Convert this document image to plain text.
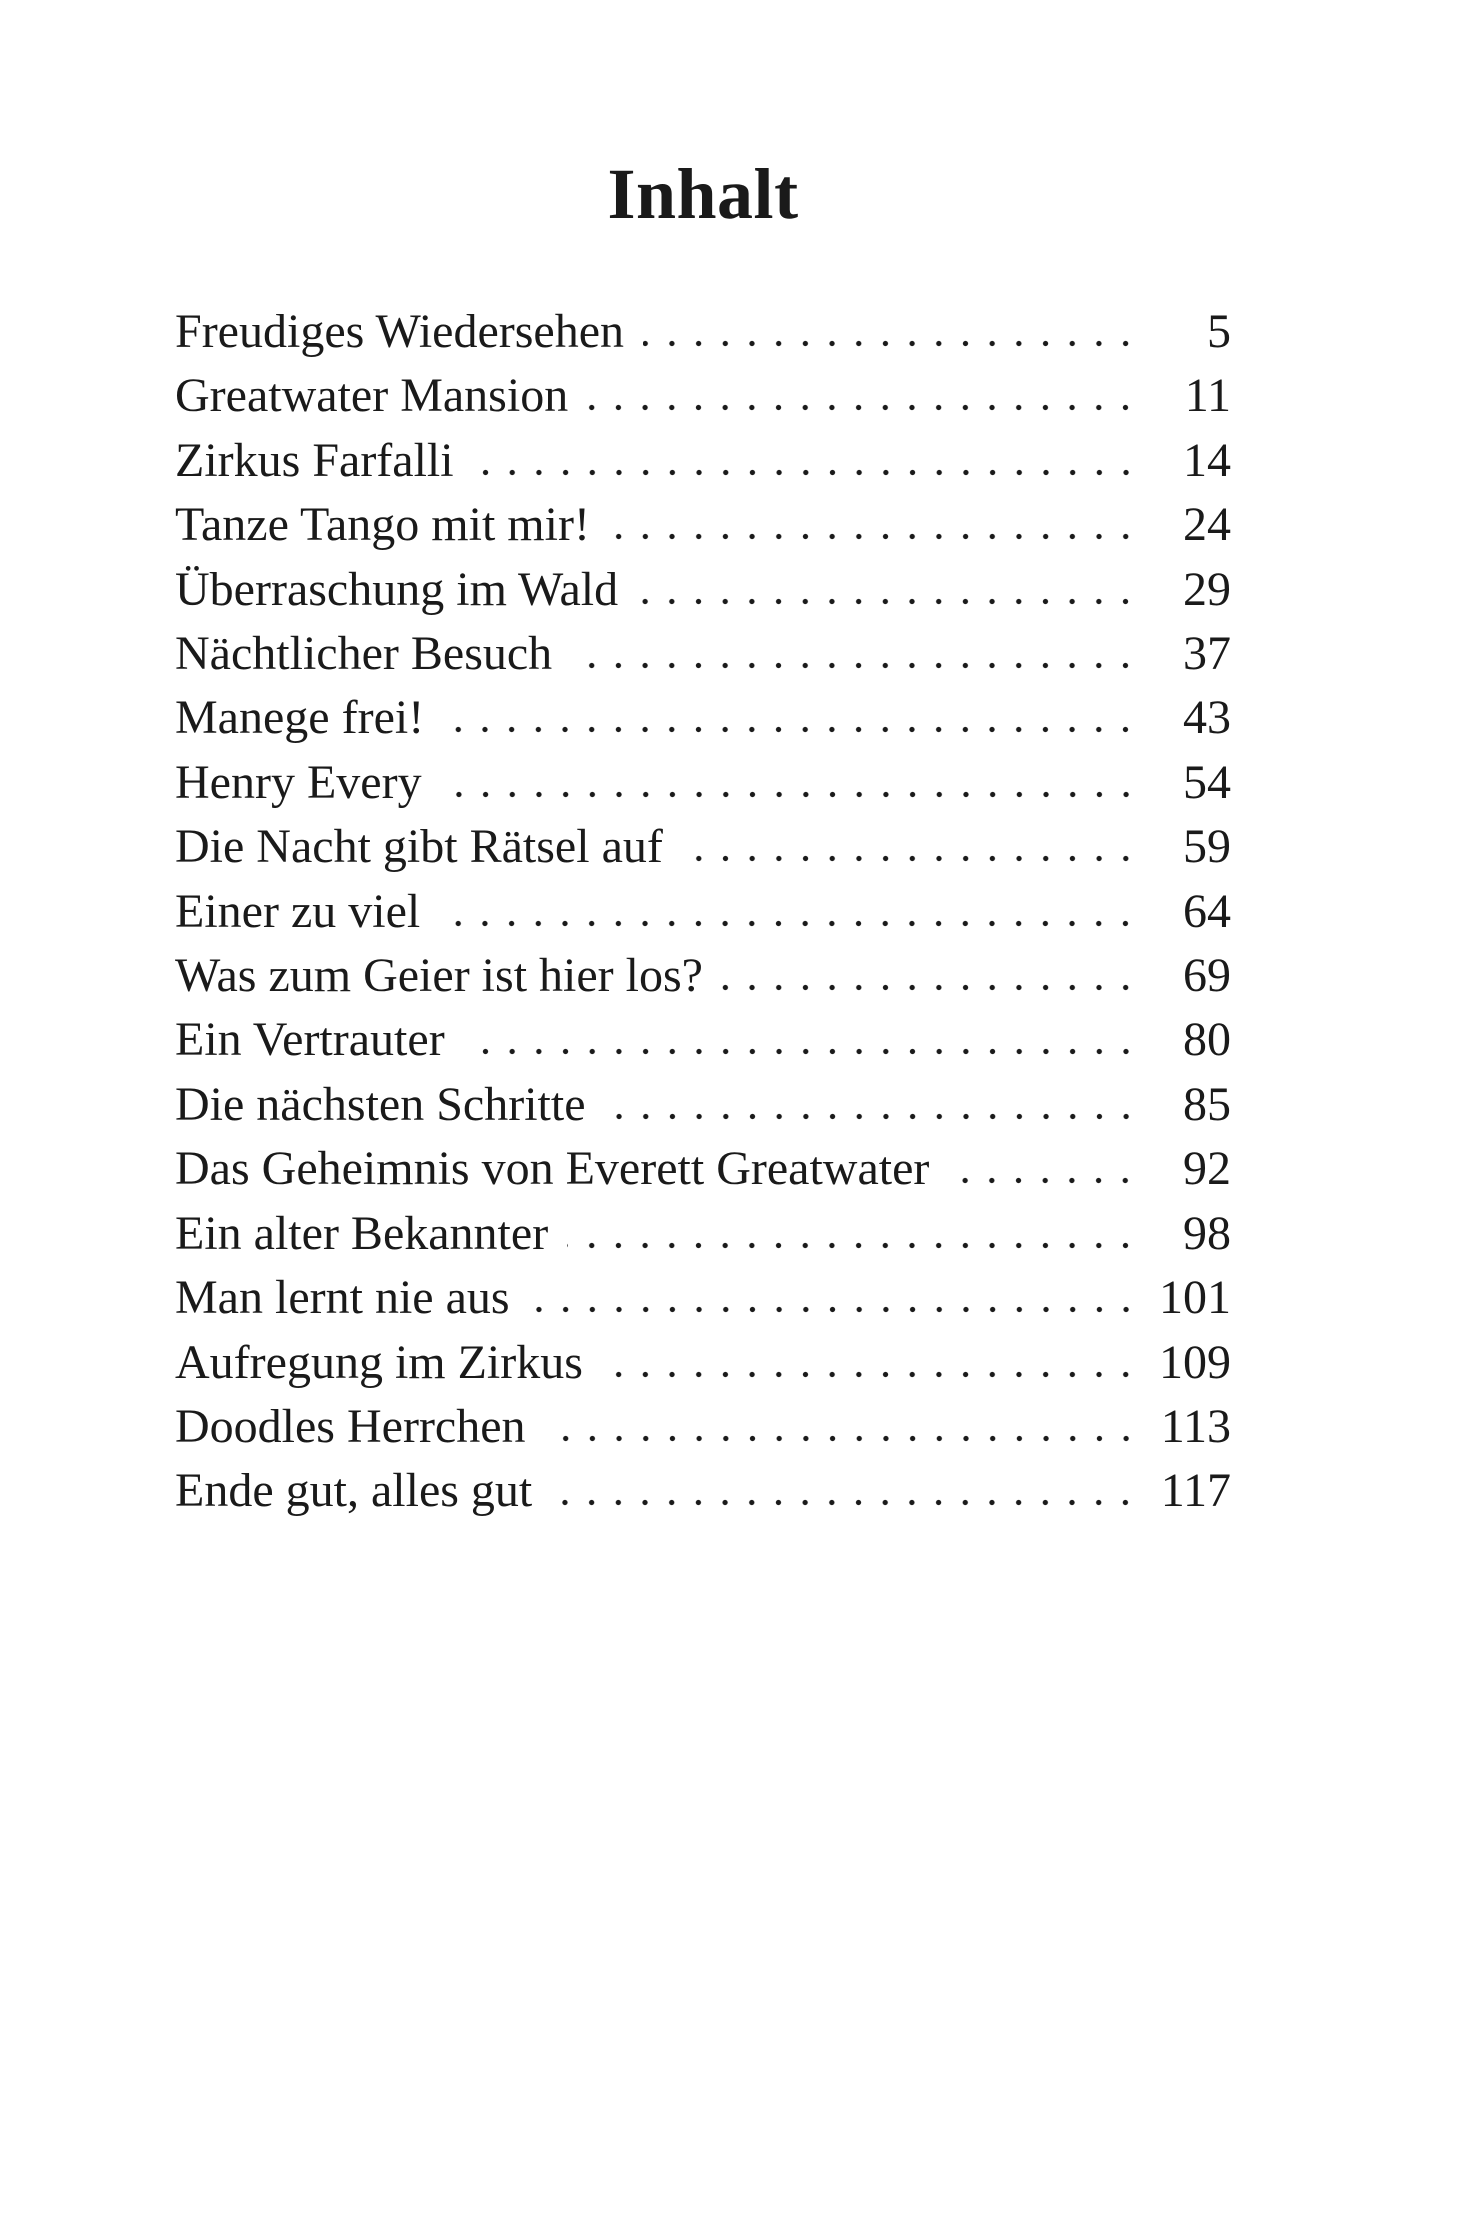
Inhalt
Freudiges Wiedersehen	5
Greatwater Mansion	11
Zirkus Farfalli	14
Tanze Tango mit mir!	24
Überraschung im Wald	29
Nächtlicher Besuch	37
Manege frei!	43
Henry Every	54
Die Nacht gibt Rätsel auf	59
Einer zu viel	64
Was zum Geier ist hier los?	69
Ein Vertrauter	80
Die nächsten Schritte	85
Das Geheimnis von Everett Greatwater	92
Ein alter Bekannter	98
Man lernt nie aus	101
Aufregung im Zirkus	109
Doodles Herrchen	113
Ende gut, alles gut	117
